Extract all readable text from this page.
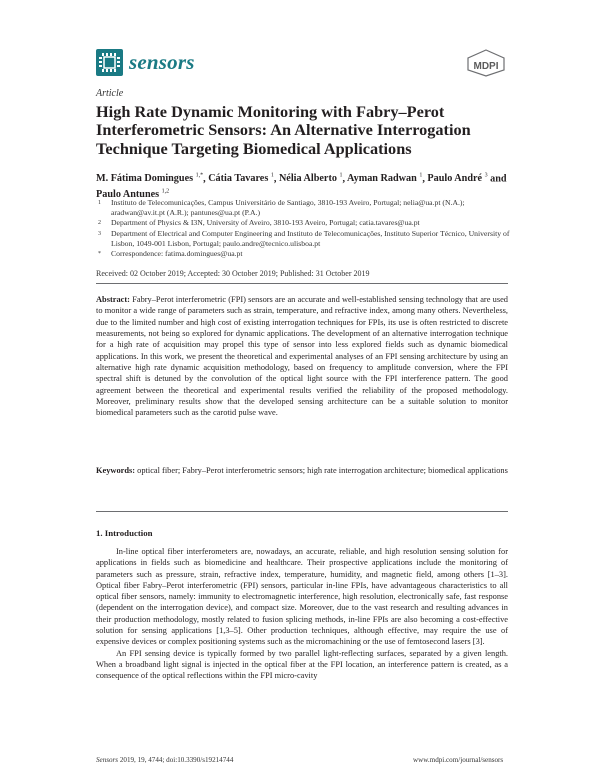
sensors	MDPI
Article
High Rate Dynamic Monitoring with Fabry–Perot Interferometric Sensors: An Alternative Interrogation Technique Targeting Biomedical Applications
M. Fátima Domingues $^{1,*}$, Cátia Tavares $^1$, Nélia Alberto $^1$, Ayman Radwan $^1$, Paulo André $^3$ and Paulo Antunes $^{1,2}$
1 Instituto de Telecomunicações, Campus Universitário de Santiago, 3810-193 Aveiro, Portugal; nelia@ua.pt (N.A.); aradwan@av.it.pt (A.R.); pantunes@ua.pt (P.A.)
2 Department of Physics & I3N, University of Aveiro, 3810-193 Aveiro, Portugal; catia.tavares@ua.pt
3 Department of Electrical and Computer Engineering and Instituto de Telecomunicações, Instituto Superior Técnico, University of Lisbon, 1049-001 Lisbon, Portugal; paulo.andre@tecnico.ulisboa.pt
* Correspondence: fatima.domingues@ua.pt
Received: 02 October 2019; Accepted: 30 October 2019; Published: 31 October 2019
Abstract: Fabry–Perot interferometric (FPI) sensors are an accurate and well-established sensing technology that are used to monitor a wide range of parameters such as strain, temperature, and refractive index, among many others. Nevertheless, due to the limited number and high cost of existing interrogation techniques for FPIs, its use is often restricted to discrete measurements, not being so explored for dynamic applications. The development of an alternative interrogation technique for a high rate of acquisition may propel this type of sensor into less explored fields such as dynamic biomedical applications. In this work, we present the theoretical and experimental analyses of an FPI sensing architecture by using an alternative high rate dynamic acquisition methodology, based on frequency to amplitude conversion, where the FPI spectral shift is detuned by the convolution of the optical light source with the FPI interference pattern. The good agreement between the theoretical and experimental results verified the reliability of the proposed methodology. Moreover, preliminary results show that the developed sensing architecture can be a suitable solution to monitor biomedical parameters such as the carotid pulse wave.
Keywords: optical fiber; Fabry–Perot interferometric sensors; high rate interrogation architecture; biomedical applications
1. Introduction

In-line optical fiber interferometers are, nowadays, an accurate, reliable, and high resolution sensing solution for applications in fields such as biomedicine and healthcare. Their prospective applications include the monitoring of parameters such as pressure, strain, refractive index, temperature, humidity, and magnetic field, among others [1–3]. Optical fiber Fabry–Perot interferometric (FPI) sensors, particular in-line FPIs, have advantageous characteristics to all optical fiber sensors, namely: immunity to electromagnetic interference, high resolution, electronically safe, fast response (dependent on the interrogation device), and compact size. Moreover, due to the vast research and resulting advances in their production methodology, mostly related to fusion splicing methods, in-line FPIs are also becoming a cost-effective solution for sensing applications [1,3–5]. Other production techniques, although effective, may require the use of expensive devices or complex positioning systems such as the micromachining or the use of femtosecond lasers [3].

An FPI sensing device is typically formed by two parallel light-reflecting surfaces, separated by a given length. When a broadband light signal is injected in the optical fiber at the FPI location, an interference pattern is created, as a consequence of the optical reflections within the FPI micro-cavity

Sensors 2019, 19, 4744; doi:10.3390/s19214744	www.mdpi.com/journal/sensors
